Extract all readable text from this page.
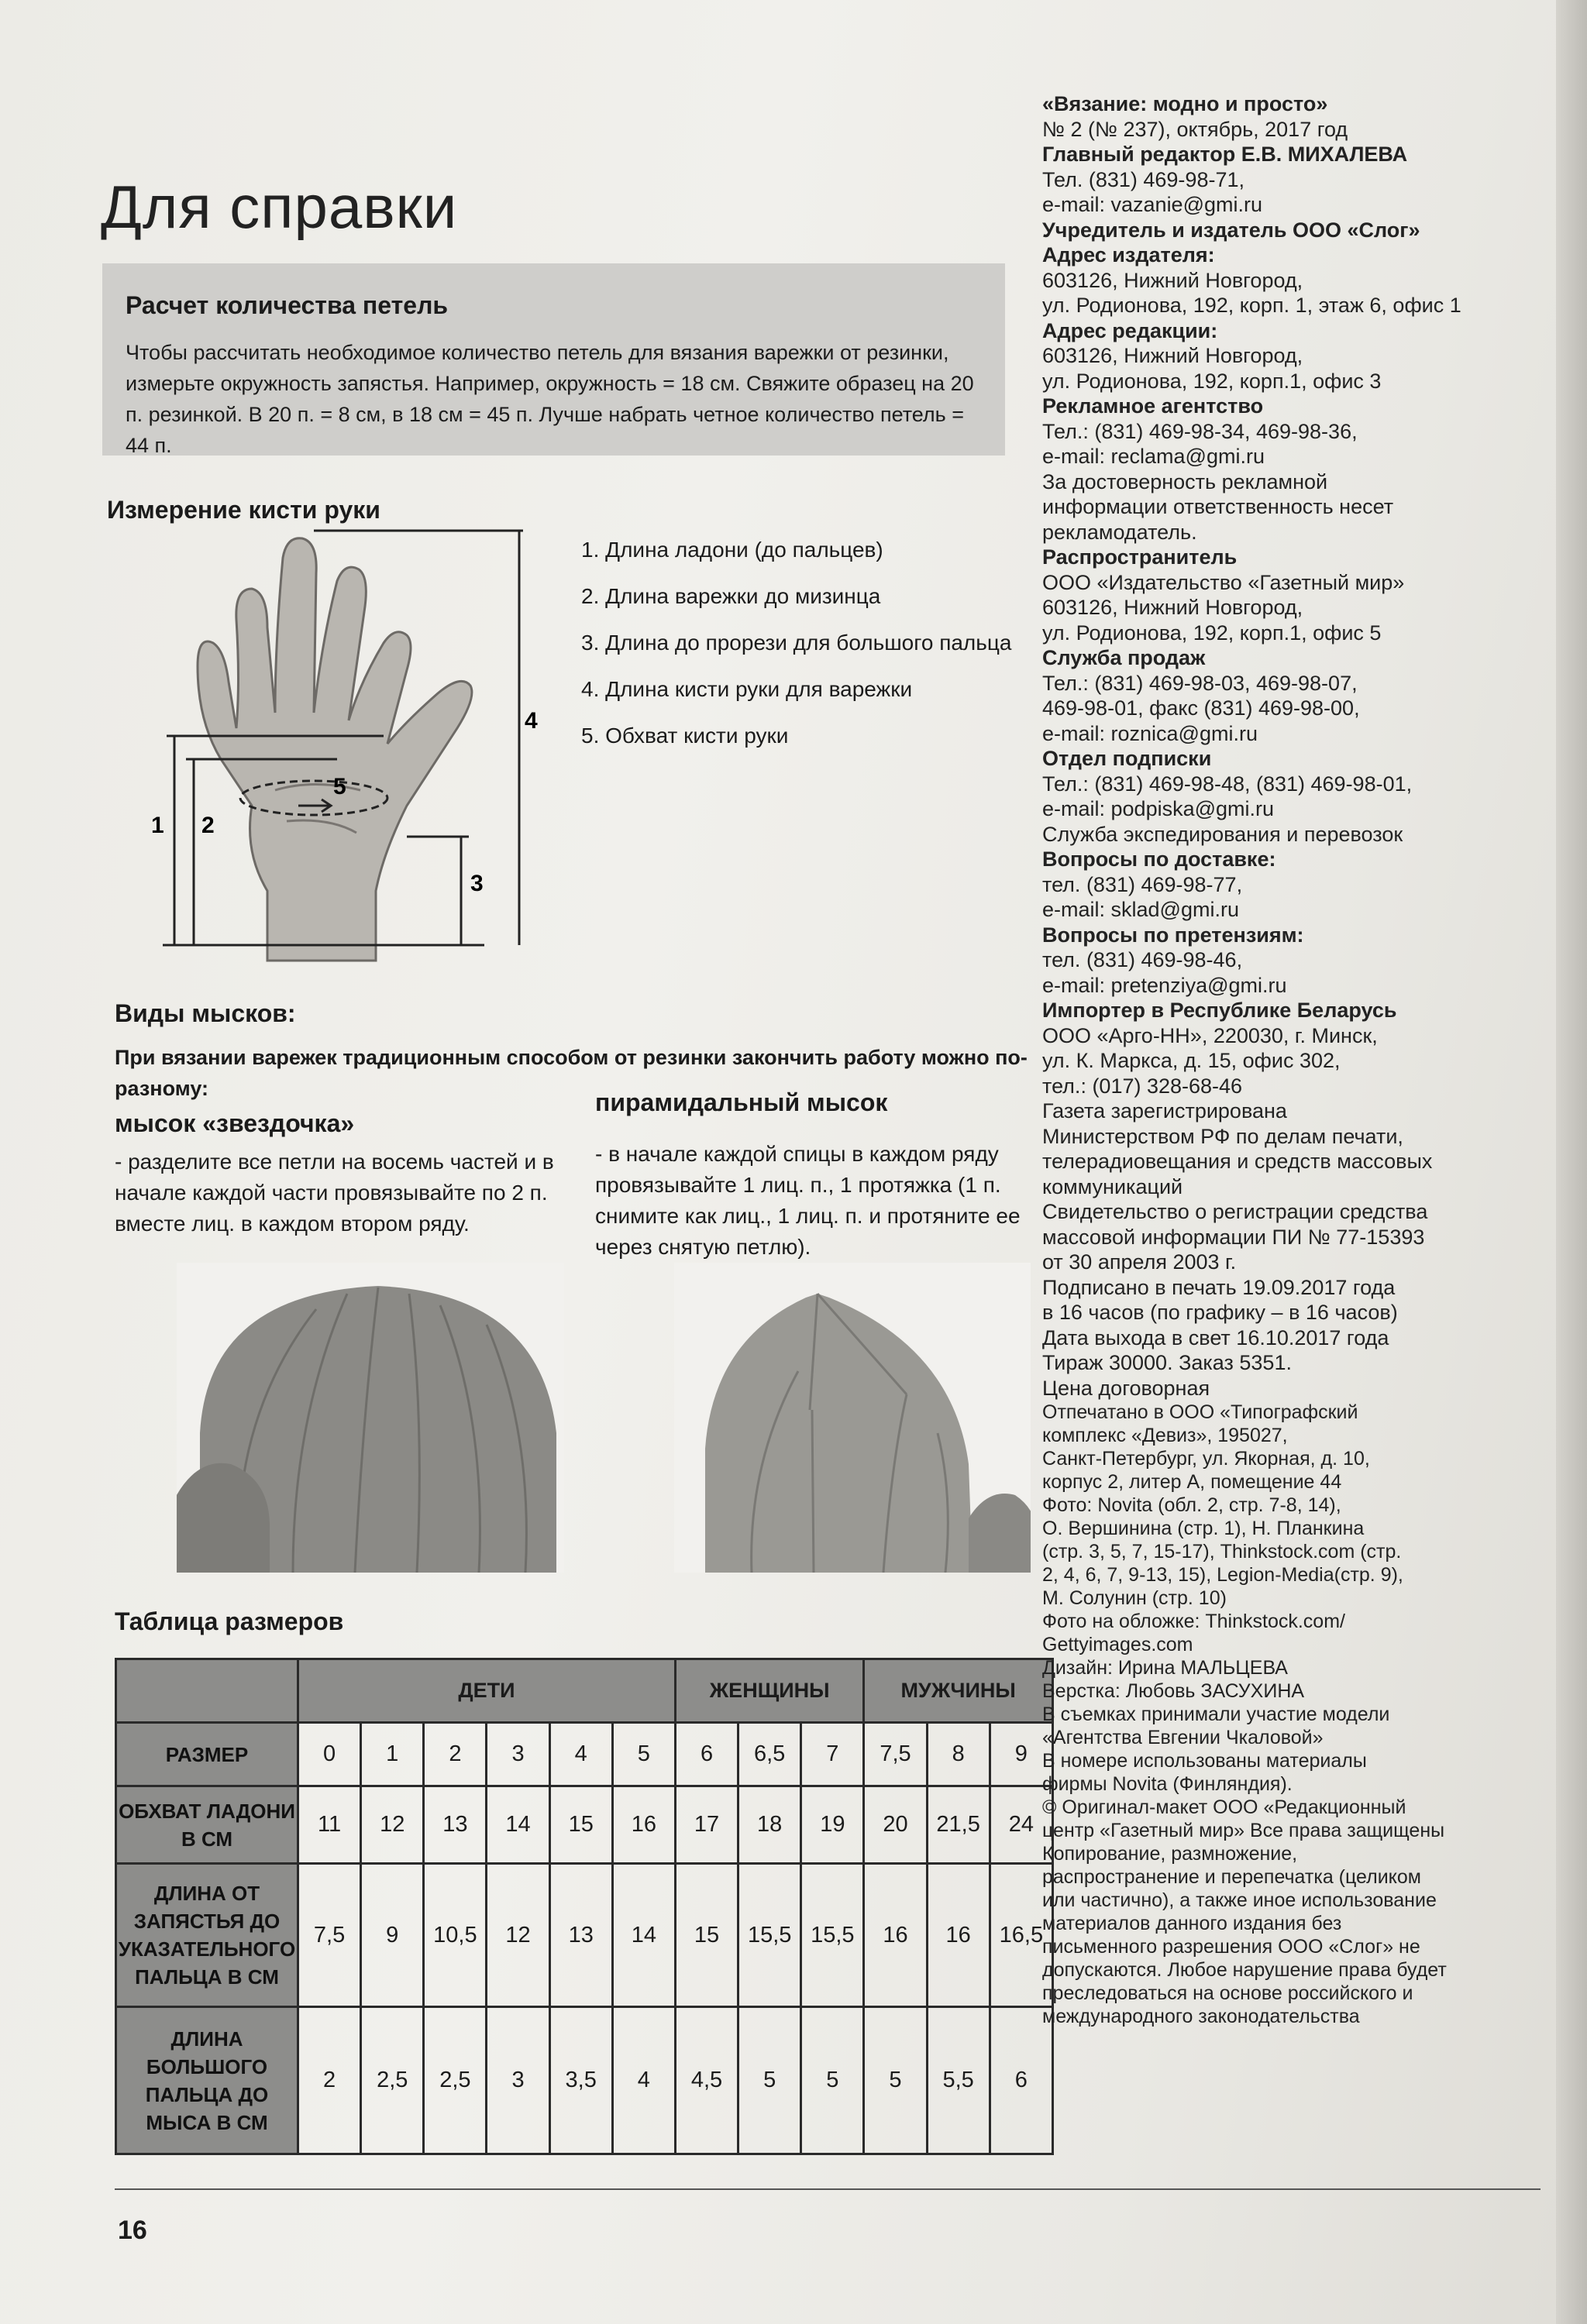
Для справки
Расчет количества петель

Чтобы рассчитать необходимое количество петель для вязания варежки от резинки, измерьте окружность запястья. Например, окружность = 18 см. Свяжите образец на 20 п. резинкой. В 20 п. = 8 см, в 18 см = 45 п. Лучше набрать четное количество петель = 44 п.

Измерение кисти руки
1 2
3
4
5
1. Длина ладони (до пальцев)
2. Длина варежки до мизинца
3. Длина до прорези для большого пальца
4. Длина кисти руки для варежки
5. Обхват кисти руки
Виды мысков:

При вязании варежек традиционным способом от резинки закончить работу можно по-разному:

мысок «звездочка»

- разделите все петли на восемь частей и в начале каждой части провязывайте по 2 п. вместе лиц. в каждом втором ряду.

пирамидальный мысок

- в начале каждой спицы в каждом ряду провязывайте 1 лиц. п., 1 протяжка (1 п. снимите как лиц., 1 лиц. п. и протяните ее через снятую петлю).

Таблица размеров
	ДЕТИ						ЖЕНЩИНЫ			МУЖЧИНЫ		
РАЗМЕР	0	1	2	3	4	5	6	6,5	7	7,5	8	9
ОБХВАТ ЛАДОНИ В СМ	11	12	13	14	15	16	17	18	19	20	21,5	24
ДЛИНА ОТ ЗАПЯСТЬЯ ДО УКАЗАТЕЛЬНОГО ПАЛЬЦА В СМ	7,5	9	10,5	12	13	14	15	15,5	15,5	16	16	16,5
ДЛИНА БОЛЬШОГО ПАЛЬЦА ДО МЫСА В СМ	2	2,5	2,5	3	3,5	4	4,5	5	5	5	5,5	6
«Вязание: модно и просто»
№ 2 (№ 237), октябрь, 2017 год
Главный редактор Е.В. МИХАЛЕВА
Тел. (831) 469-98-71,
e-mail: vazanie@gmi.ru
Учредитель и издатель ООО «Слог»
Адрес издателя:
603126, Нижний Новгород,
ул. Родионова, 192, корп. 1, этаж 6, офис 1
Адрес редакции:
603126, Нижний Новгород,
ул. Родионова, 192, корп.1, офис 3
Рекламное агентство
Тел.: (831) 469-98-34, 469-98-36,
e-mail: reclama@gmi.ru
За достоверность рекламной
информации ответственность несет
рекламодатель.
Распространитель
ООО «Издательство «Газетный мир»
603126, Нижний Новгород,
ул. Родионова, 192, корп.1, офис 5
Служба продаж
Тел.: (831) 469-98-03, 469-98-07,
469-98-01, факс (831) 469-98-00,
e-mail: roznica@gmi.ru
Отдел подписки
Тел.: (831) 469-98-48, (831) 469-98-01,
e-mail: podpiska@gmi.ru
Служба экспедирования и перевозок
Вопросы по доставке:
тел. (831) 469-98-77,
e-mail: sklad@gmi.ru
Вопросы по претензиям:
тел. (831) 469-98-46,
e-mail: pretenziya@gmi.ru
Импортер в Республике Беларусь
ООО «Арго-НН», 220030, г. Минск,
ул. К. Маркса, д. 15, офис 302,
тел.: (017) 328-68-46
Газета зарегистрирована
Министерством РФ по делам печати,
телерадиовещания и средств массовых
коммуникаций
Свидетельство о регистрации средства
массовой информации ПИ № 77-15393
от 30 апреля 2003 г.
Подписано в печать 19.09.2017 года
в 16 часов (по графику – в 16 часов)
Дата выхода в свет 16.10.2017 года
Тираж 30000. Заказ 5351.
Цена договорная
Отпечатано в ООО «Типографский
комплекс «Девиз», 195027,
Санкт-Петербург, ул. Якорная, д. 10,
корпус 2, литер А, помещение 44
Фото: Novita (обл. 2, стр. 7-8, 14),
О. Вершинина (стр. 1), Н. Планкина
(стр. 3, 5, 7, 15-17), Thinkstock.com (стр.
2, 4, 6, 7, 9-13, 15), Legion-Media(стр. 9),
М. Солунин (стр. 10)
Фото на обложке: Thinkstock.com/
Gettyimages.com
Дизайн: Ирина МАЛЬЦЕВА
Верстка: Любовь ЗАСУХИНА
В съемках принимали участие модели
«Агентства Евгении Чкаловой»
В номере использованы материалы
фирмы Novita (Финляндия).
© Оригинал-макет ООО «Редакционный
центр «Газетный мир» Все права защищены
Копирование, размножение,
распространение и перепечатка (целиком
или частично), а также иное использование
материалов данного издания без
письменного разрешения ООО «Слог» не
допускаются. Любое нарушение права будет
преследоваться на основе российского и
международного законодательства

16
